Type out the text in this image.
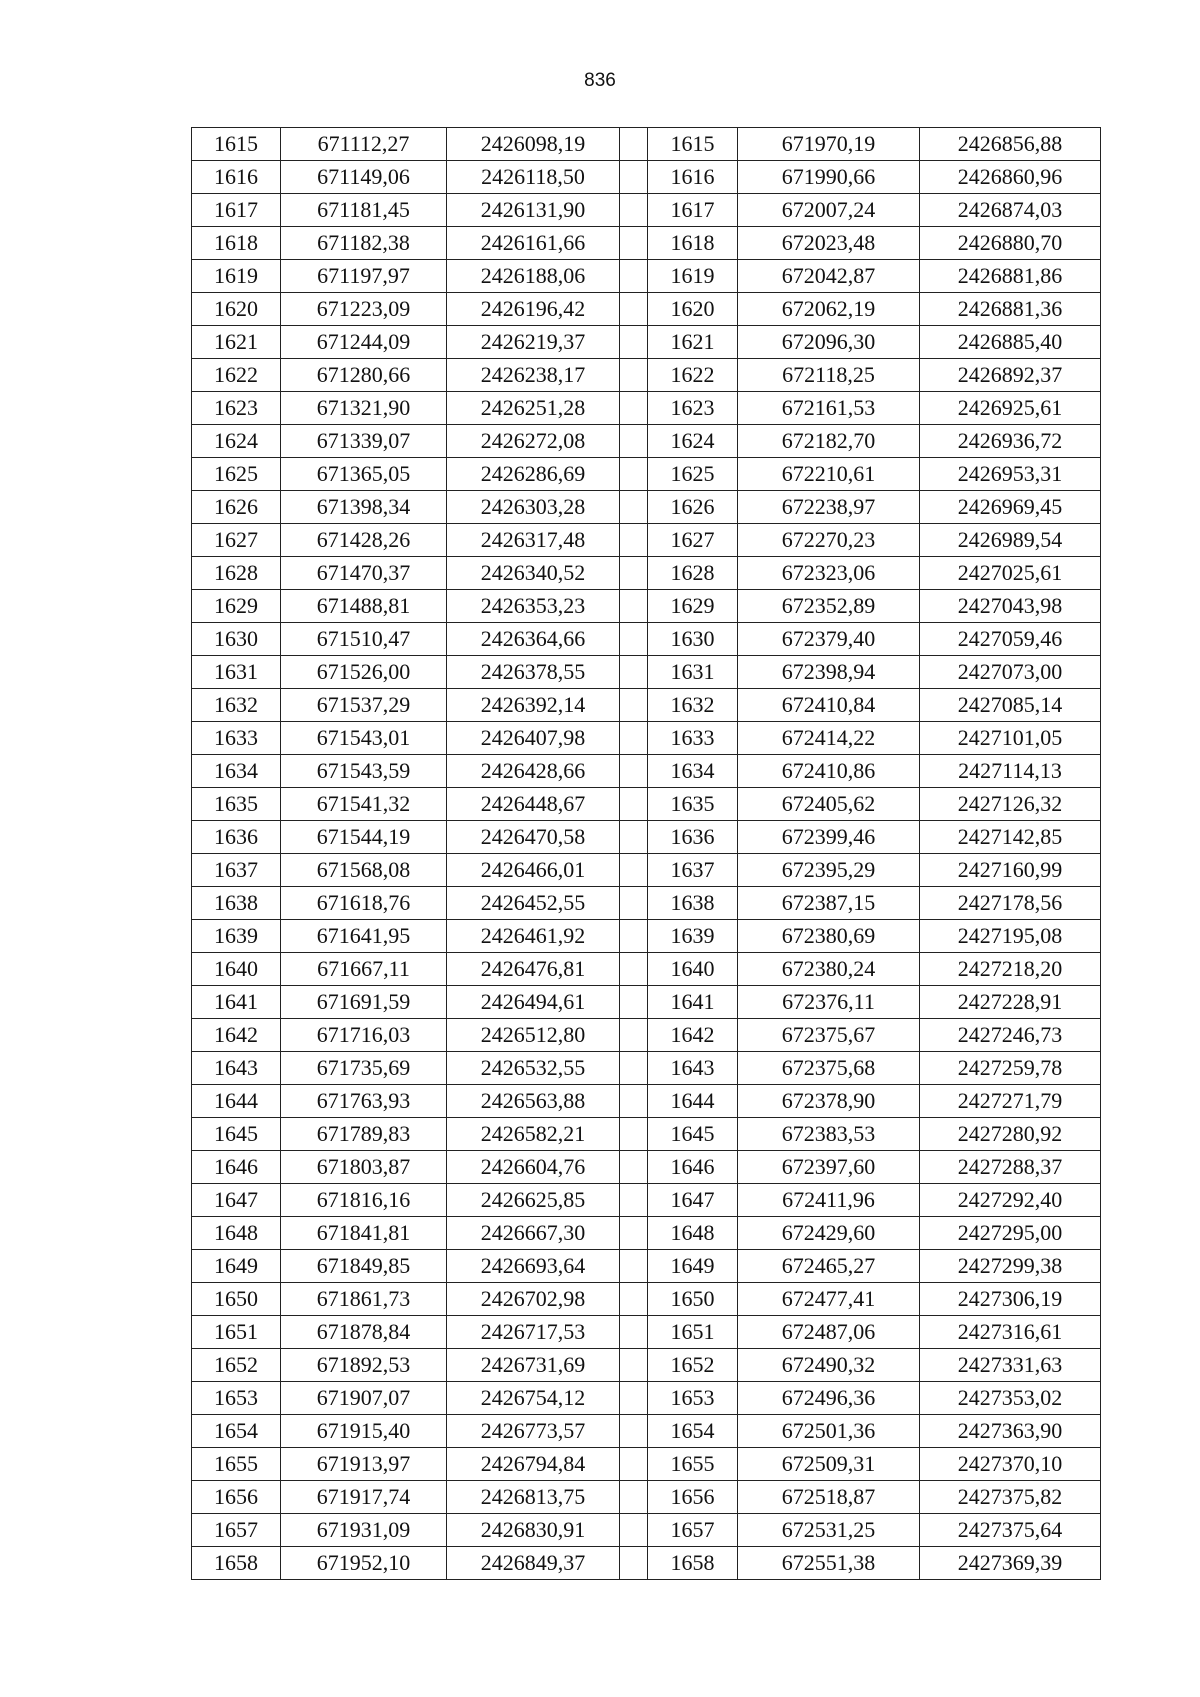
836
1615	671112,27	2426098,19		1615	671970,19	2426856,88
1616	671149,06	2426118,50		1616	671990,66	2426860,96
1617	671181,45	2426131,90		1617	672007,24	2426874,03
1618	671182,38	2426161,66		1618	672023,48	2426880,70
1619	671197,97	2426188,06		1619	672042,87	2426881,86
1620	671223,09	2426196,42		1620	672062,19	2426881,36
1621	671244,09	2426219,37		1621	672096,30	2426885,40
1622	671280,66	2426238,17		1622	672118,25	2426892,37
1623	671321,90	2426251,28		1623	672161,53	2426925,61
1624	671339,07	2426272,08		1624	672182,70	2426936,72
1625	671365,05	2426286,69		1625	672210,61	2426953,31
1626	671398,34	2426303,28		1626	672238,97	2426969,45
1627	671428,26	2426317,48		1627	672270,23	2426989,54
1628	671470,37	2426340,52		1628	672323,06	2427025,61
1629	671488,81	2426353,23		1629	672352,89	2427043,98
1630	671510,47	2426364,66		1630	672379,40	2427059,46
1631	671526,00	2426378,55		1631	672398,94	2427073,00
1632	671537,29	2426392,14		1632	672410,84	2427085,14
1633	671543,01	2426407,98		1633	672414,22	2427101,05
1634	671543,59	2426428,66		1634	672410,86	2427114,13
1635	671541,32	2426448,67		1635	672405,62	2427126,32
1636	671544,19	2426470,58		1636	672399,46	2427142,85
1637	671568,08	2426466,01		1637	672395,29	2427160,99
1638	671618,76	2426452,55		1638	672387,15	2427178,56
1639	671641,95	2426461,92		1639	672380,69	2427195,08
1640	671667,11	2426476,81		1640	672380,24	2427218,20
1641	671691,59	2426494,61		1641	672376,11	2427228,91
1642	671716,03	2426512,80		1642	672375,67	2427246,73
1643	671735,69	2426532,55		1643	672375,68	2427259,78
1644	671763,93	2426563,88		1644	672378,90	2427271,79
1645	671789,83	2426582,21		1645	672383,53	2427280,92
1646	671803,87	2426604,76		1646	672397,60	2427288,37
1647	671816,16	2426625,85		1647	672411,96	2427292,40
1648	671841,81	2426667,30		1648	672429,60	2427295,00
1649	671849,85	2426693,64		1649	672465,27	2427299,38
1650	671861,73	2426702,98		1650	672477,41	2427306,19
1651	671878,84	2426717,53		1651	672487,06	2427316,61
1652	671892,53	2426731,69		1652	672490,32	2427331,63
1653	671907,07	2426754,12		1653	672496,36	2427353,02
1654	671915,40	2426773,57		1654	672501,36	2427363,90
1655	671913,97	2426794,84		1655	672509,31	2427370,10
1656	671917,74	2426813,75		1656	672518,87	2427375,82
1657	671931,09	2426830,91		1657	672531,25	2427375,64
1658	671952,10	2426849,37		1658	672551,38	2427369,39
